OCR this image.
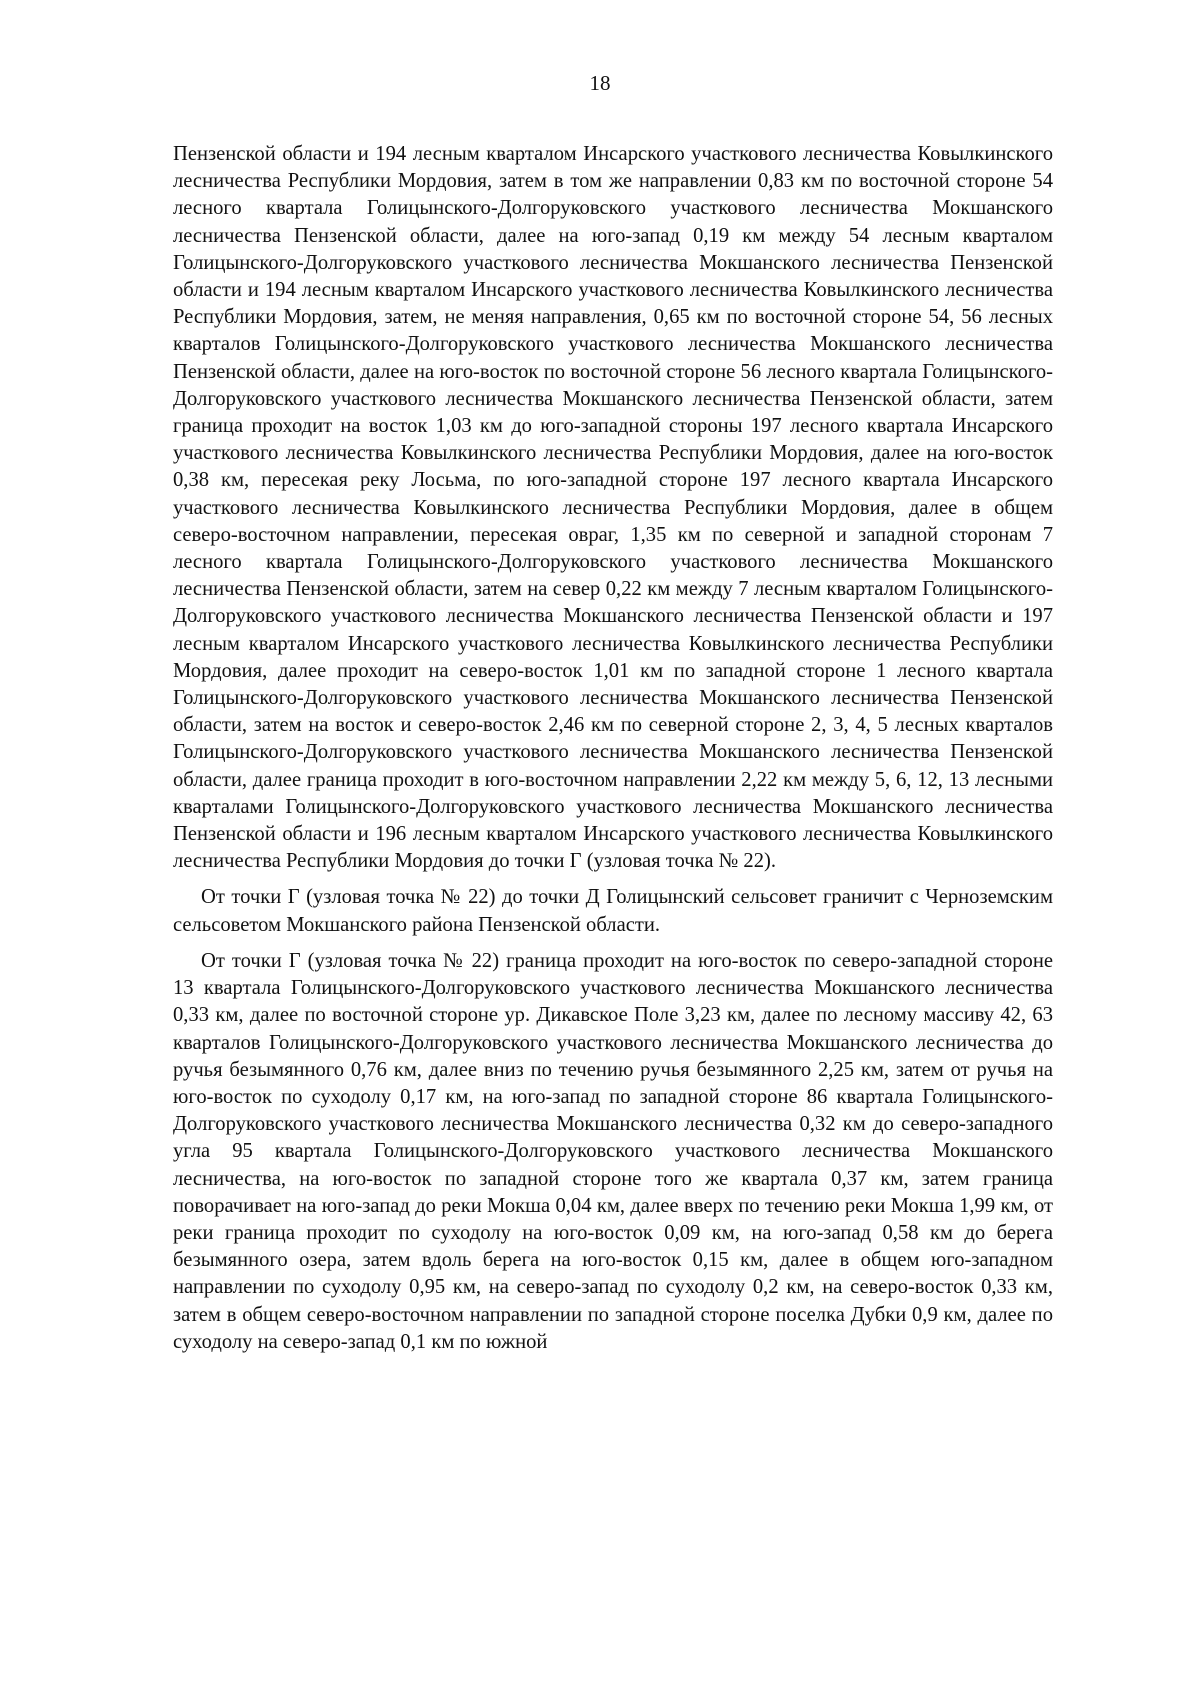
18

Пензенской области и 194 лесным кварталом Инсарского участкового лесничества Ковылкинского лесничества Республики Мордовия, затем в том же направлении 0,83 км по восточной стороне 54 лесного квартала Голицынского-Долгоруковского участкового лесничества Мокшанского лесничества Пензенской области, далее на юго-запад 0,19 км между 54 лесным кварталом Голицынского-Долгоруковского участкового лесничества Мокшанского лесничества Пензенской области и 194 лесным кварталом Инсарского участкового лесничества Ковылкинского лесничества Республики Мордовия, затем, не меняя направления, 0,65 км по восточной стороне 54, 56 лесных кварталов Голицынского-Долгоруковского участкового лесничества Мокшанского лесничества Пензенской области, далее на юго-восток по восточной стороне 56 лесного квартала Голицынского-Долгоруковского участкового лесничества Мокшанского лесничества Пензенской области, затем граница проходит на восток 1,03 км до юго-западной стороны 197 лесного квартала Инсарского участкового лесничества Ковылкинского лесничества Республики Мордовия, далее на юго-восток 0,38 км, пересекая реку Лосьма, по юго-западной стороне 197 лесного квартала Инсарского участкового лесничества Ковылкинского лесничества Республики Мордовия, далее в общем северо-восточном направлении, пересекая овраг, 1,35 км по северной и западной сторонам 7 лесного квартала Голицынского-Долгоруковского участкового лесничества Мокшанского лесничества Пензенской области, затем на север 0,22 км между 7 лесным кварталом Голицынского-Долгоруковского участкового лесничества Мокшанского лесничества Пензенской области и 197 лесным кварталом Инсарского участкового лесничества Ковылкинского лесничества Республики Мордовия, далее проходит на северо-восток 1,01 км по западной стороне 1 лесного квартала Голицынского-Долгоруковского участкового лесничества Мокшанского лесничества Пензенской области, затем на восток и северо-восток 2,46 км по северной стороне 2, 3, 4, 5 лесных кварталов Голицынского-Долгоруковского участкового лесничества Мокшанского лесничества Пензенской области, далее граница проходит в юго-восточном направлении 2,22 км между 5, 6, 12, 13 лесными кварталами Голицынского-Долгоруковского участкового лесничества Мокшанского лесничества Пензенской области и 196 лесным кварталом Инсарского участкового лесничества Ковылкинского лесничества Республики Мордовия до точки Г (узловая точка № 22).

От точки Г (узловая точка № 22) до точки Д Голицынский сельсовет граничит с Черноземским сельсоветом Мокшанского района Пензенской области.

От точки Г (узловая точка № 22) граница проходит на юго-восток по северо-западной стороне 13 квартала Голицынского-Долгоруковского участкового лесничества Мокшанского лесничества 0,33 км, далее по восточной стороне ур. Дикавское Поле 3,23 км, далее по лесному массиву 42, 63 кварталов Голицынского-Долгоруковского участкового лесничества Мокшанского лесничества до ручья безымянного 0,76 км, далее вниз по течению ручья безымянного 2,25 км, затем от ручья на юго-восток по суходолу 0,17 км, на юго-запад по западной стороне 86 квартала Голицынского-Долгоруковского участкового лесничества Мокшанского лесничества 0,32 км до северо-западного угла 95 квартала Голицынского-Долгоруковского участкового лесничества Мокшанского лесничества, на юго-восток по западной стороне того же квартала 0,37 км, затем граница поворачивает на юго-запад до реки Мокша 0,04 км, далее вверх по течению реки Мокша 1,99 км, от реки граница проходит по суходолу на юго-восток 0,09 км, на юго-запад 0,58 км до берега безымянного озера, затем вдоль берега на юго-восток 0,15 км, далее в общем юго-западном направлении по суходолу 0,95 км, на северо-запад по суходолу 0,2 км, на северо-восток 0,33 км, затем в общем северо-восточном направлении по западной стороне поселка Дубки 0,9 км, далее по суходолу на северо-запад 0,1 км по южной
